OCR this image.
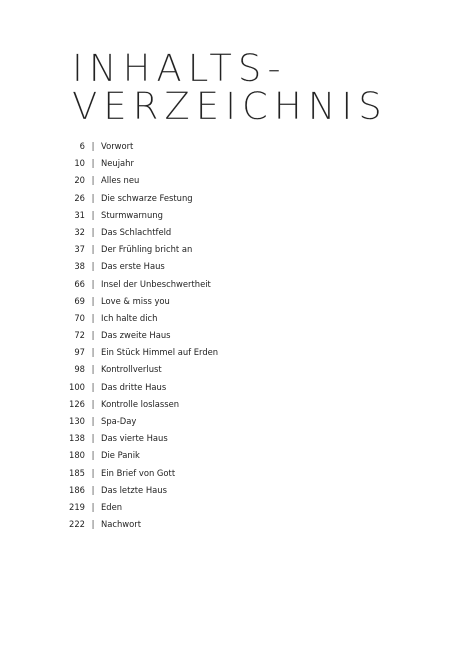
INHALTS-
VERZEICHNIS
6 | Vorwort
10 | Neujahr
20 | Alles neu
26 | Die schwarze Festung
31 | Sturmwarnung
32 | Das Schlachtfeld
37 | Der Frühling bricht an
38 | Das erste Haus
66 | Insel der Unbeschwertheit
69 | Love & miss you
70 | Ich halte dich
72 | Das zweite Haus
97 | Ein Stück Himmel auf Erden
98 | Kontrollverlust
100 | Das dritte Haus
126 | Kontrolle loslassen
130 | Spa-Day
138 | Das vierte Haus
180 | Die Panik
185 | Ein Brief von Gott
186 | Das letzte Haus
219 | Eden
222 | Nachwort
